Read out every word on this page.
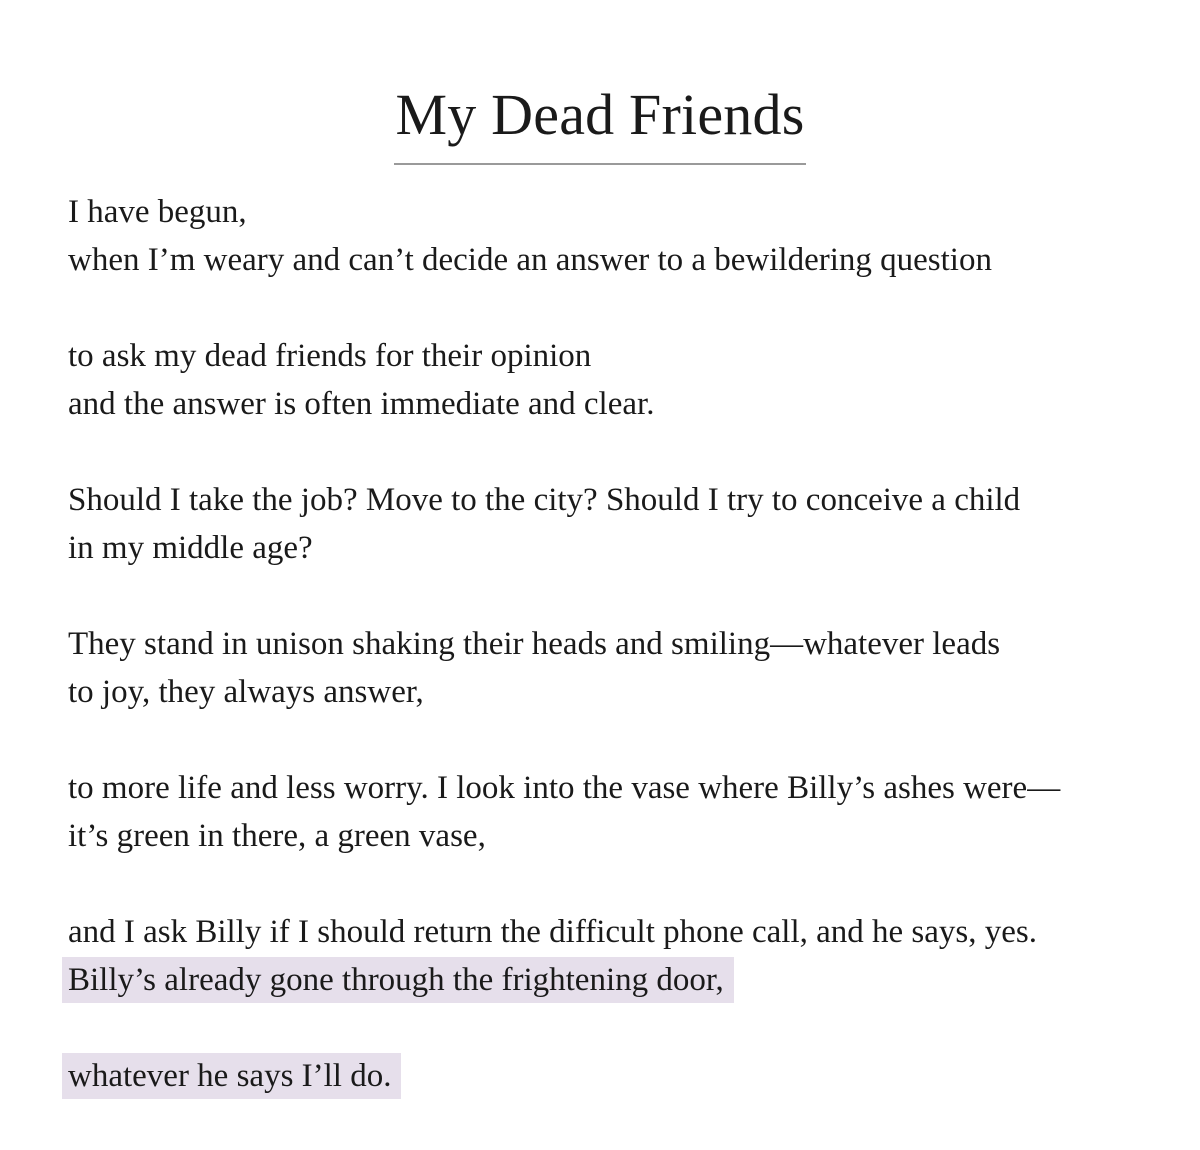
My Dead Friends
I have begun,
when I’m weary and can’t decide an answer to a bewildering question
to ask my dead friends for their opinion
and the answer is often immediate and clear.
Should I take the job? Move to the city? Should I try to conceive a child
in my middle age?
They stand in unison shaking their heads and smiling—whatever leads
to joy, they always answer,
to more life and less worry. I look into the vase where Billy’s ashes were—
it’s green in there, a green vase,
and I ask Billy if I should return the difficult phone call, and he says, yes.
Billy’s already gone through the frightening door,
whatever he says I’ll do.
